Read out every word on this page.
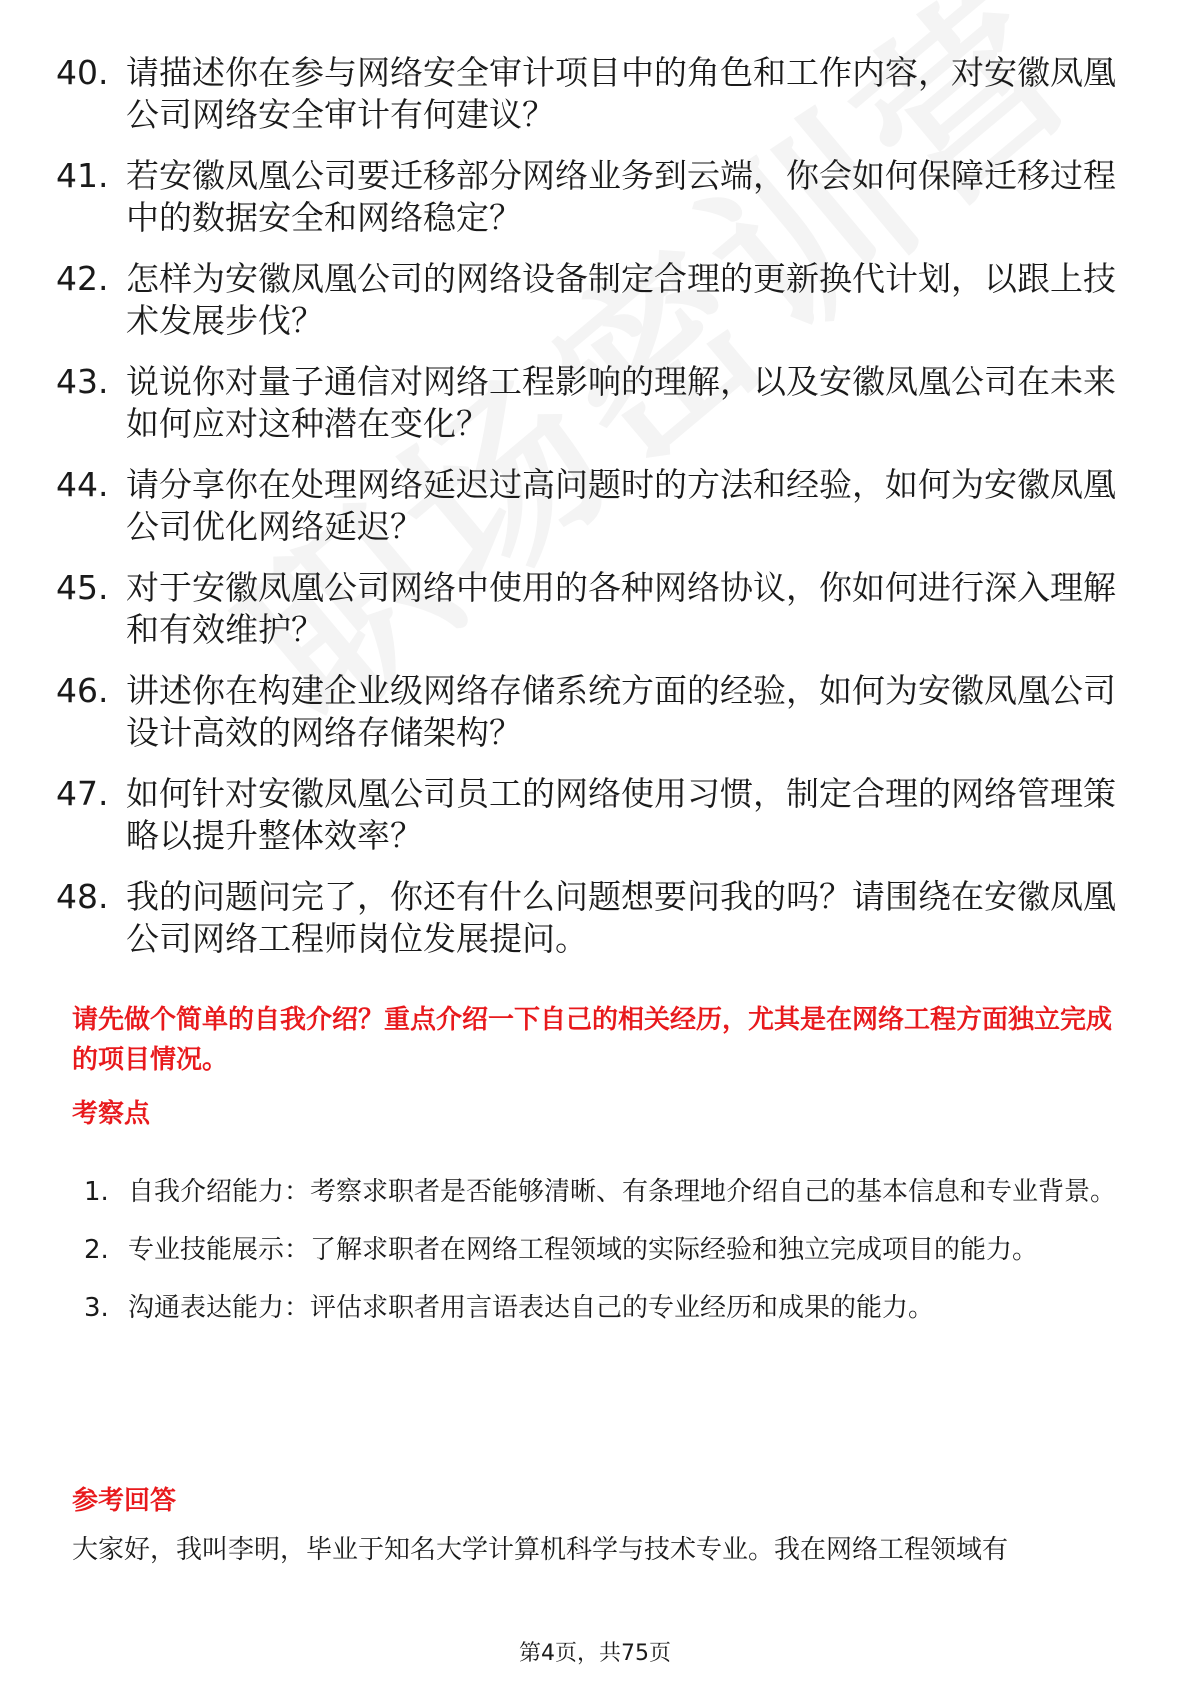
40. 请描述你在参与网络安全审计项目中的角色和工作内容，对安徽凤凰公司网络安全审计有何建议？
41. 若安徽凤凰公司要迁移部分网络业务到云端，你会如何保障迁移过程中的数据安全和网络稳定？
42. 怎样为安徽凤凰公司的网络设备制定合理的更新换代计划，以跟上技术发展步伐？
43. 说说你对量子通信对网络工程影响的理解，以及安徽凤凰公司在未来如何应对这种潜在变化？
44. 请分享你在处理网络延迟过高问题时的方法和经验，如何为安徽凤凰公司优化网络延迟？
45. 对于安徽凤凰公司网络中使用的各种网络协议，你如何进行深入理解和有效维护？
46. 讲述你在构建企业级网络存储系统方面的经验，如何为安徽凤凰公司设计高效的网络存储架构？
47. 如何针对安徽凤凰公司员工的网络使用习惯，制定合理的网络管理策略以提升整体效率？
48. 我的问题问完了，你还有什么问题想要问我的吗？请围绕在安徽凤凰公司网络工程师岗位发展提问。
请先做个简单的自我介绍？重点介绍一下自己的相关经历，尤其是在网络工程方面独立完成的项目情况。
考察点
1. 自我介绍能力：考察求职者是否能够清晰、有条理地介绍自己的基本信息和专业背景。
2. 专业技能展示：了解求职者在网络工程领域的实际经验和独立完成项目的能力。
3. 沟通表达能力：评估求职者用言语表达自己的专业经历和成果的能力。
参考回答
大家好，我叫李明，毕业于知名大学计算机科学与技术专业。我在网络工程领域有
第4页，共75页
